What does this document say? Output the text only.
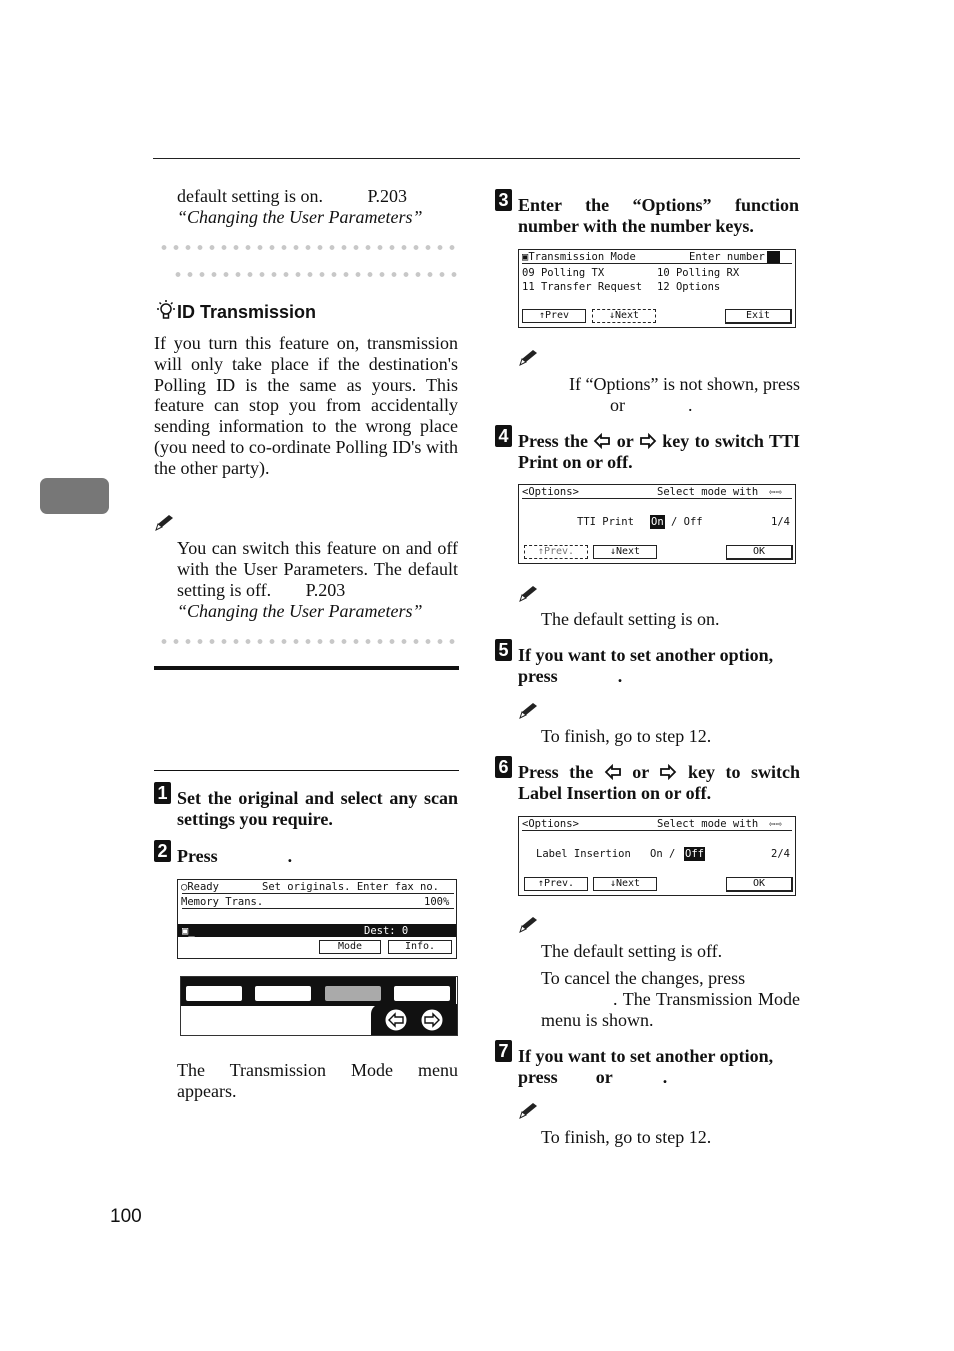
default setting is on. P.203
“Changing the User Parameters”
ID Transmission
If you turn this feature on, transmission will only take place if the destination's Polling ID is the same as yours. This feature can stop you from accidentally sending information to the wrong place (you need to co-ordinate Polling ID's with the other party).
You can switch this feature on and off with the User Parameters. The default setting is off. P.203
“Changing the User Parameters”
1 Set the original and select any scan settings you require.
2 Press	.
○Ready	Set originals. Enter fax no.
Memory Trans.	100%
▣_	Dest: 0
Mode	Info.
The Transmission Mode menu appears.
3 Enter the “Options” function number with the number keys.
▣Transmission Mode	Enter number __
09 Polling TX	10 Polling RX
11 Transfer Request 12 Options
↑Prev	↓Next	Exit
If “Options” is not shown, press
or	.
4 Press the or key to switch TTI Print on or off.
<Options>	Select mode with ⇦⇨
TTI Print On / Off	1/4
↑Prev.	↓Next	OK
The default setting is on.
5 If you want to set another option, press	.
To finish, go to step 12.
6 Press the or key to switch Label Insertion on or off.
<Options>	Select mode with ⇦⇨
Label Insertion On / Off	2/4
↑Prev.	↓Next	OK
The default setting is off.
To cancel the changes, press
. The Transmission Mode menu is shown.
7 If you want to set another option, press or	.
To finish, go to step 12.
100
